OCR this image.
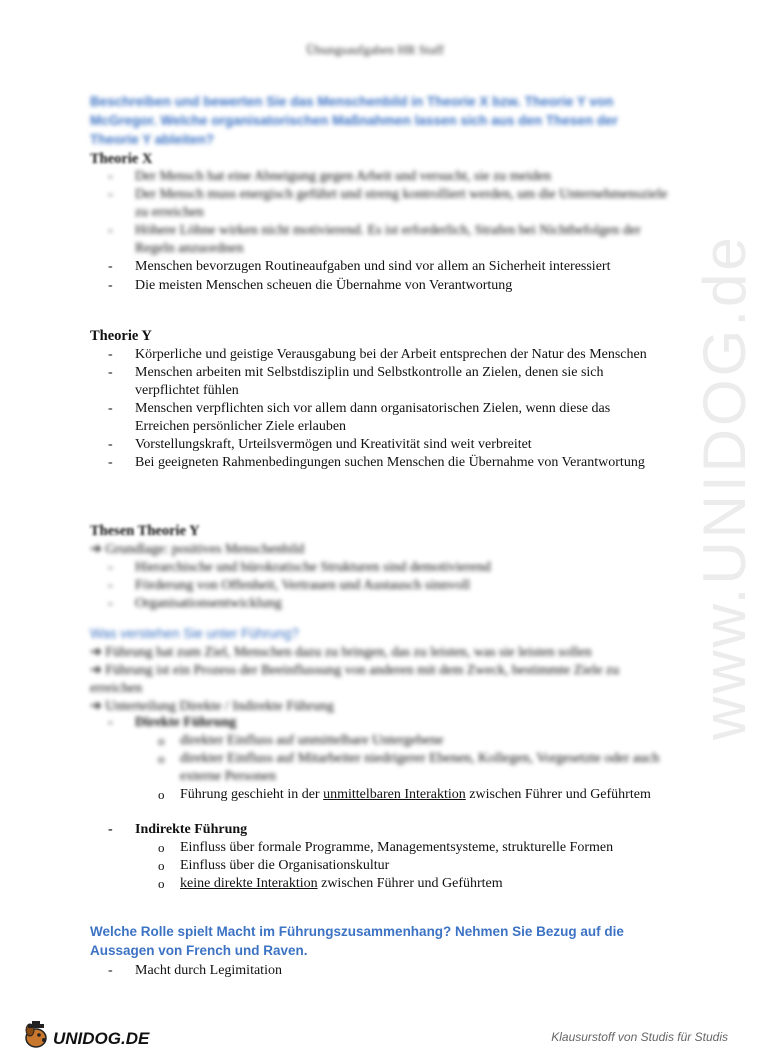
www.UNIDOG.de
Übungsaufgaben HR Staff
Beschreiben und bewerten Sie das Menschenbild in Theorie X bzw. Theorie Y von McGregor. Welche organisatorischen Maßnahmen lassen sich aus den Thesen der Theorie Y ableiten?
Theorie X
- Der Mensch hat eine Abneigung gegen Arbeit und versucht, sie zu meiden
- Der Mensch muss energisch geführt und streng kontrolliert werden, um die Unternehmensziele zu erreichen
- Höhere Löhne wirken nicht motivierend. Es ist erforderlich, Strafen bei Nichtbefolgen der Regeln anzuordnen
- Menschen bevorzugen Routineaufgaben und sind vor allem an Sicherheit interessiert
- Die meisten Menschen scheuen die Übernahme von Verantwortung
Theorie Y
- Körperliche und geistige Verausgabung bei der Arbeit entsprechen der Natur des Menschen
- Menschen arbeiten mit Selbstdisziplin und Selbstkontrolle an Zielen, denen sie sich verpflichtet fühlen
- Menschen verpflichten sich vor allem dann organisatorischen Zielen, wenn diese das Erreichen persönlicher Ziele erlauben
- Vorstellungskraft, Urteilsvermögen und Kreativität sind weit verbreitet
- Bei geeigneten Rahmenbedingungen suchen Menschen die Übernahme von Verantwortung
Thesen Theorie Y
➔ Grundlage: positives Menschenbild
- Hierarchische und bürokratische Strukturen sind demotivierend
- Förderung von Offenheit, Vertrauen und Austausch sinnvoll
- Organisationsentwicklung
Was verstehen Sie unter Führung?
➔ Führung hat zum Ziel, Menschen dazu zu bringen, das zu leisten, was sie leisten sollen
➔ Führung ist ein Prozess der Beeinflussung von anderen mit dem Zweck, bestimmte Ziele zu erreichen
➔ Unterteilung Direkte / Indirekte Führung
- Direkte Führung
o direkter Einfluss auf unmittelbare Untergebene
o direkter Einfluss auf Mitarbeiter niedrigerer Ebenen, Kollegen, Vorgesetzte oder auch externe Personen
o Führung geschieht in der unmittelbaren Interaktion zwischen Führer und Geführtem
- Indirekte Führung
o Einfluss über formale Programme, Managementsysteme, strukturelle Formen
o Einfluss über die Organisationskultur
o keine direkte Interaktion zwischen Führer und Geführtem
Welche Rolle spielt Macht im Führungszusammenhang? Nehmen Sie Bezug auf die Aussagen von French und Raven.
- Macht durch Legimitation
UNIDOG.DE	Klausurstoff von Studis für Studis
